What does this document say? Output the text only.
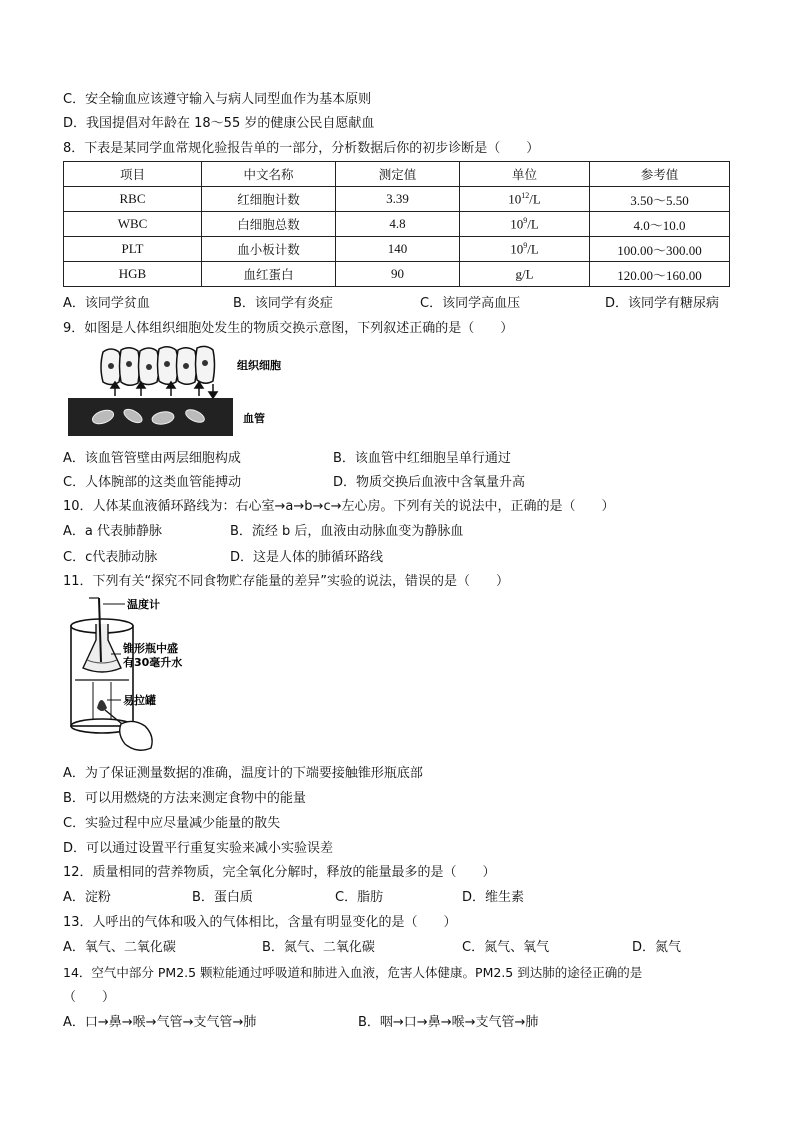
C．安全输血应该遵守输入与病人同型血作为基本原则
D．我国提倡对年龄在 18～55 岁的健康公民自愿献血
8．下表是某同学血常规化验报告单的一部分，分析数据后你的初步诊断是（　　）
项目	中文名称	测定值	单位	参考值
RBC	红细胞计数	3.39	$10^{12}/L$	3.50～5.50
WBC	白细胞总数	4.8	$10^9/L$	4.0～10.0
PLT	血小板计数	140	$10^9/L$	100.00～300.00
HGB	血红蛋白	90	g/L	120.00～160.00
A．该同学贫血	B．该同学有炎症	C．该同学高血压	D．该同学有糖尿病
9．如图是人体组织细胞处发生的物质交换示意图，下列叙述正确的是（　　）
组织细胞
血管
A．该血管管壁由两层细胞构成	B．该血管中红细胞呈单行通过
C．人体腕部的这类血管能搏动	D．物质交换后血液中含氧量升高
10．人体某血液循环路线为：右心室→a→b→c→左心房。下列有关的说法中，正确的是（　　）
A．a 代表肺静脉	B．流经 b 后，血液由动脉血变为静脉血
C．c代表肺动脉	D．这是人体的肺循环路线
11．下列有关“探究不同食物贮存能量的差异”实验的说法，错误的是（　　）
温度计
锥形瓶中盛
有30毫升水
易拉罐
A．为了保证测量数据的准确，温度计的下端要接触锥形瓶底部
B．可以用燃烧的方法来测定食物中的能量
C．实验过程中应尽量减少能量的散失
D．可以通过设置平行重复实验来减小实验误差
12．质量相同的营养物质，完全氧化分解时，释放的能量最多的是（　　）
A．淀粉	B．蛋白质	C．脂肪	D．维生素
13．人呼出的气体和吸入的气体相比，含量有明显变化的是（　　）
A．氧气、二氧化碳	B．氮气、二氧化碳	C．氮气、氧气	D．氮气
14．空气中部分 PM2.5 颗粒能通过呼吸道和肺进入血液，危害人体健康。PM2.5 到达肺的途径正确的是
（　　）
A．口→鼻→喉→气管→支气管→肺	B．咽→口→鼻→喉→支气管→肺
